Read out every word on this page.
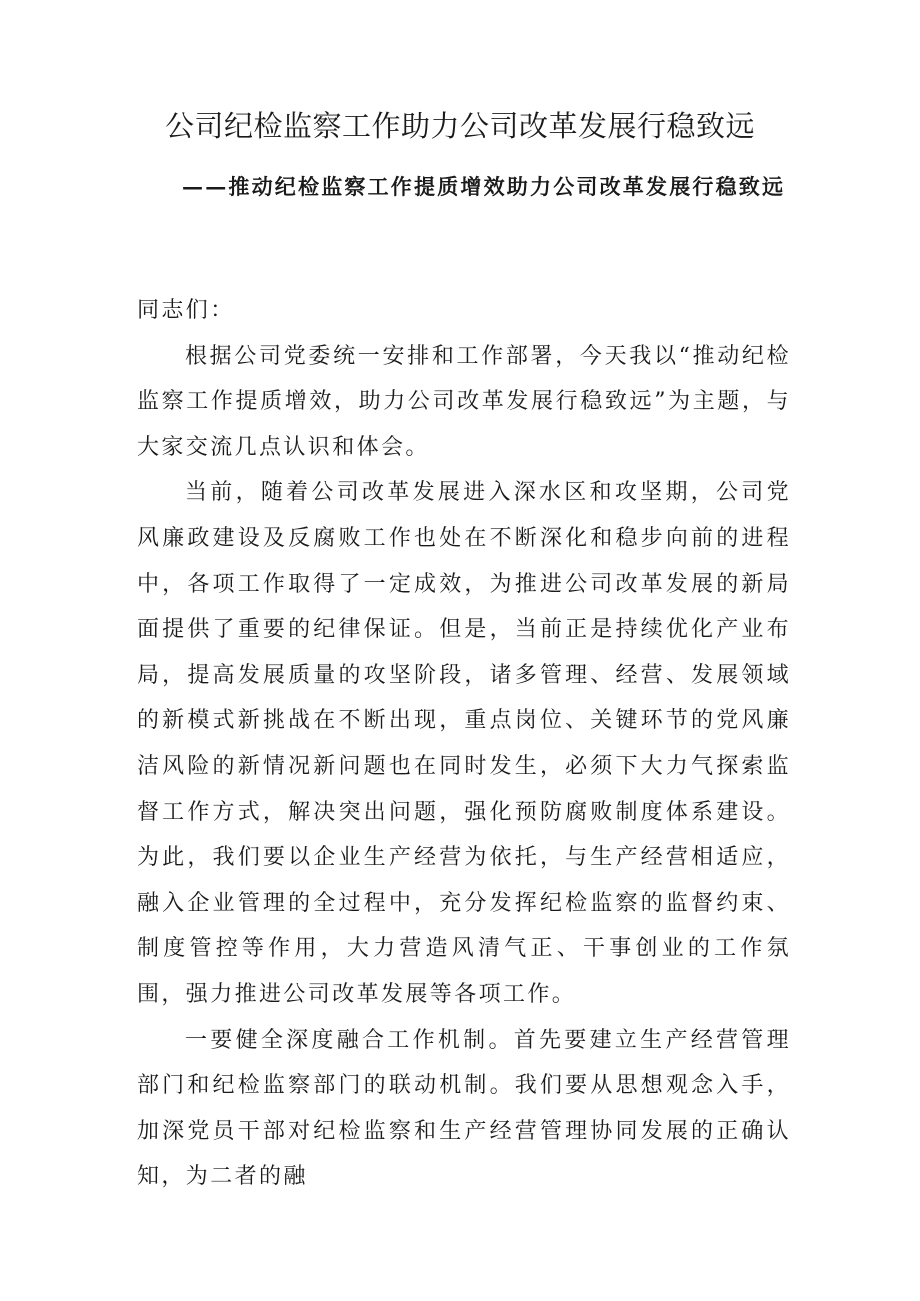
公司纪检监察工作助力公司改革发展行稳致远
——推动纪检监察工作提质增效助力公司改革发展行稳致远

同志们：

根据公司党委统一安排和工作部署，今天我以“推动纪检监察工作提质增效，助力公司改革发展行稳致远”为主题，与大家交流几点认识和体会。

当前，随着公司改革发展进入深水区和攻坚期，公司党风廉政建设及反腐败工作也处在不断深化和稳步向前的进程中，各项工作取得了一定成效，为推进公司改革发展的新局面提供了重要的纪律保证。但是，当前正是持续优化产业布局，提高发展质量的攻坚阶段，诸多管理、经营、发展领域的新模式新挑战在不断出现，重点岗位、关键环节的党风廉洁风险的新情况新问题也在同时发生，必须下大力气探索监督工作方式，解决突出问题，强化预防腐败制度体系建设。为此，我们要以企业生产经营为依托，与生产经营相适应，融入企业管理的全过程中，充分发挥纪检监察的监督约束、制度管控等作用，大力营造风清气正、干事创业的工作氛围，强力推进公司改革发展等各项工作。

一要健全深度融合工作机制。首先要建立生产经营管理部门和纪检监察部门的联动机制。我们要从思想观念入手，加深党员干部对纪检监察和生产经营管理协同发展的正确认知，为二者的融
